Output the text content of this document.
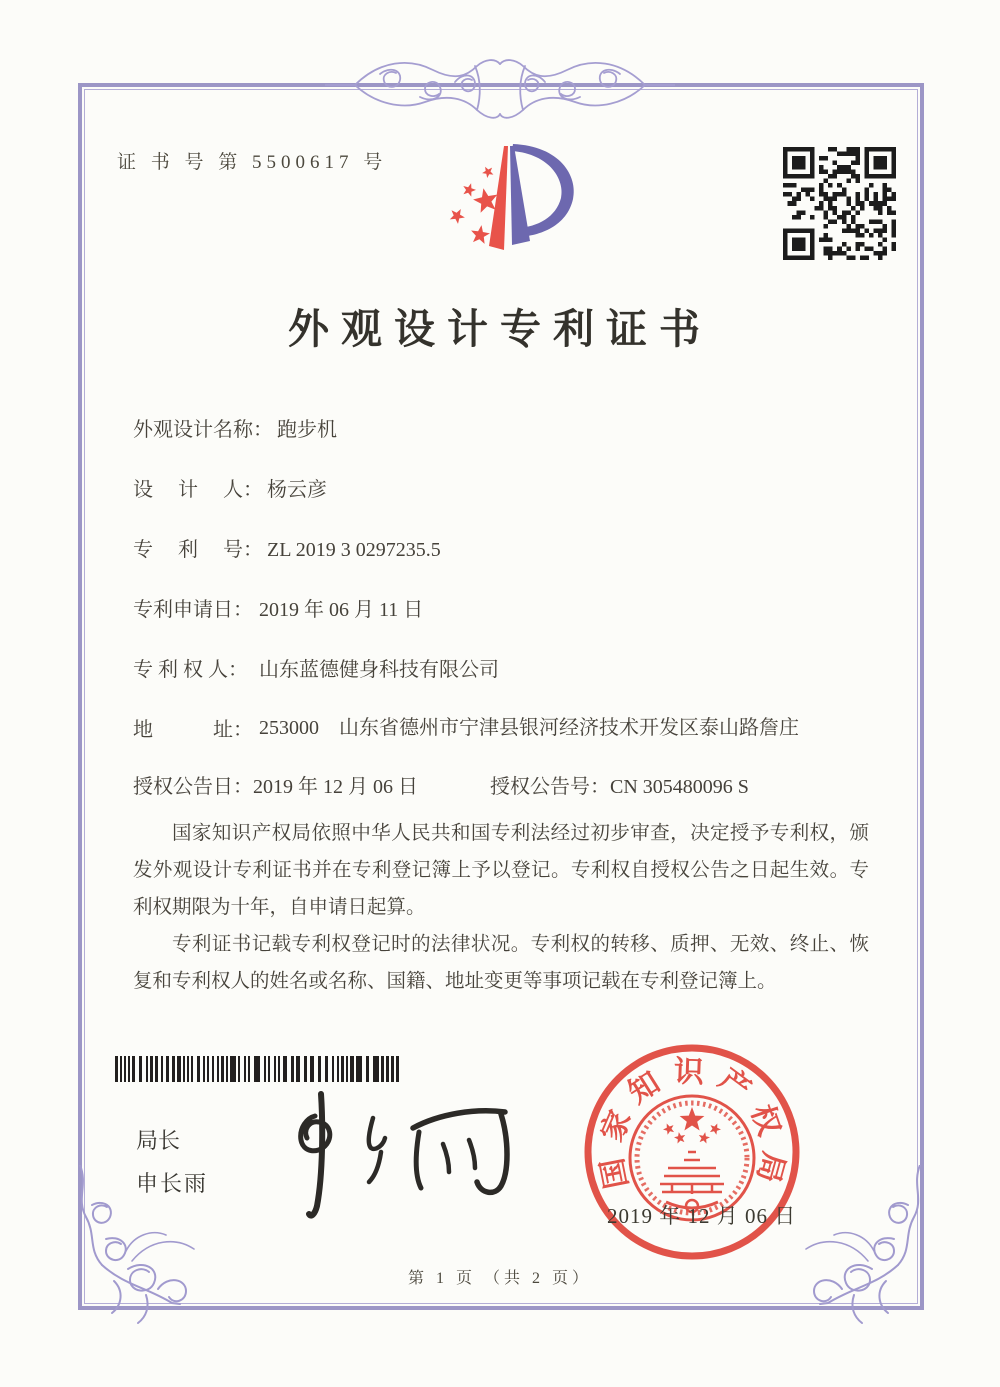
证 书 号 第 5500617 号
外观设计专利证书
外观设计名称： 跑步机
设　 计　 人： 杨云彦
专　 利　 号： ZL 2019 3 0297235.5
专利申请日： 2019 年 06 月 11 日
专 利 权 人： 山东蓝德健身科技有限公司
地　　　址： 253000　山东省德州市宁津县银河经济技术开发区泰山路詹庄
授权公告日：2019 年 12 月 06 日	授权公告号：CN 305480096 S

国家知识产权局依照中华人民共和国专利法经过初步审查，决定授予专利权，颁发外观设计专利证书并在专利登记簿上予以登记。专利权自授权公告之日起生效。专利权期限为十年，自申请日起算。

专利证书记载专利权登记时的法律状况。专利权的转移、质押、无效、终止、恢复和专利权人的姓名或名称、国籍、地址变更等事项记载在专利登记簿上。

局长
申长雨	国家知识产权局
2019 年 12 月 06 日
第 1 页 （共 2 页）
